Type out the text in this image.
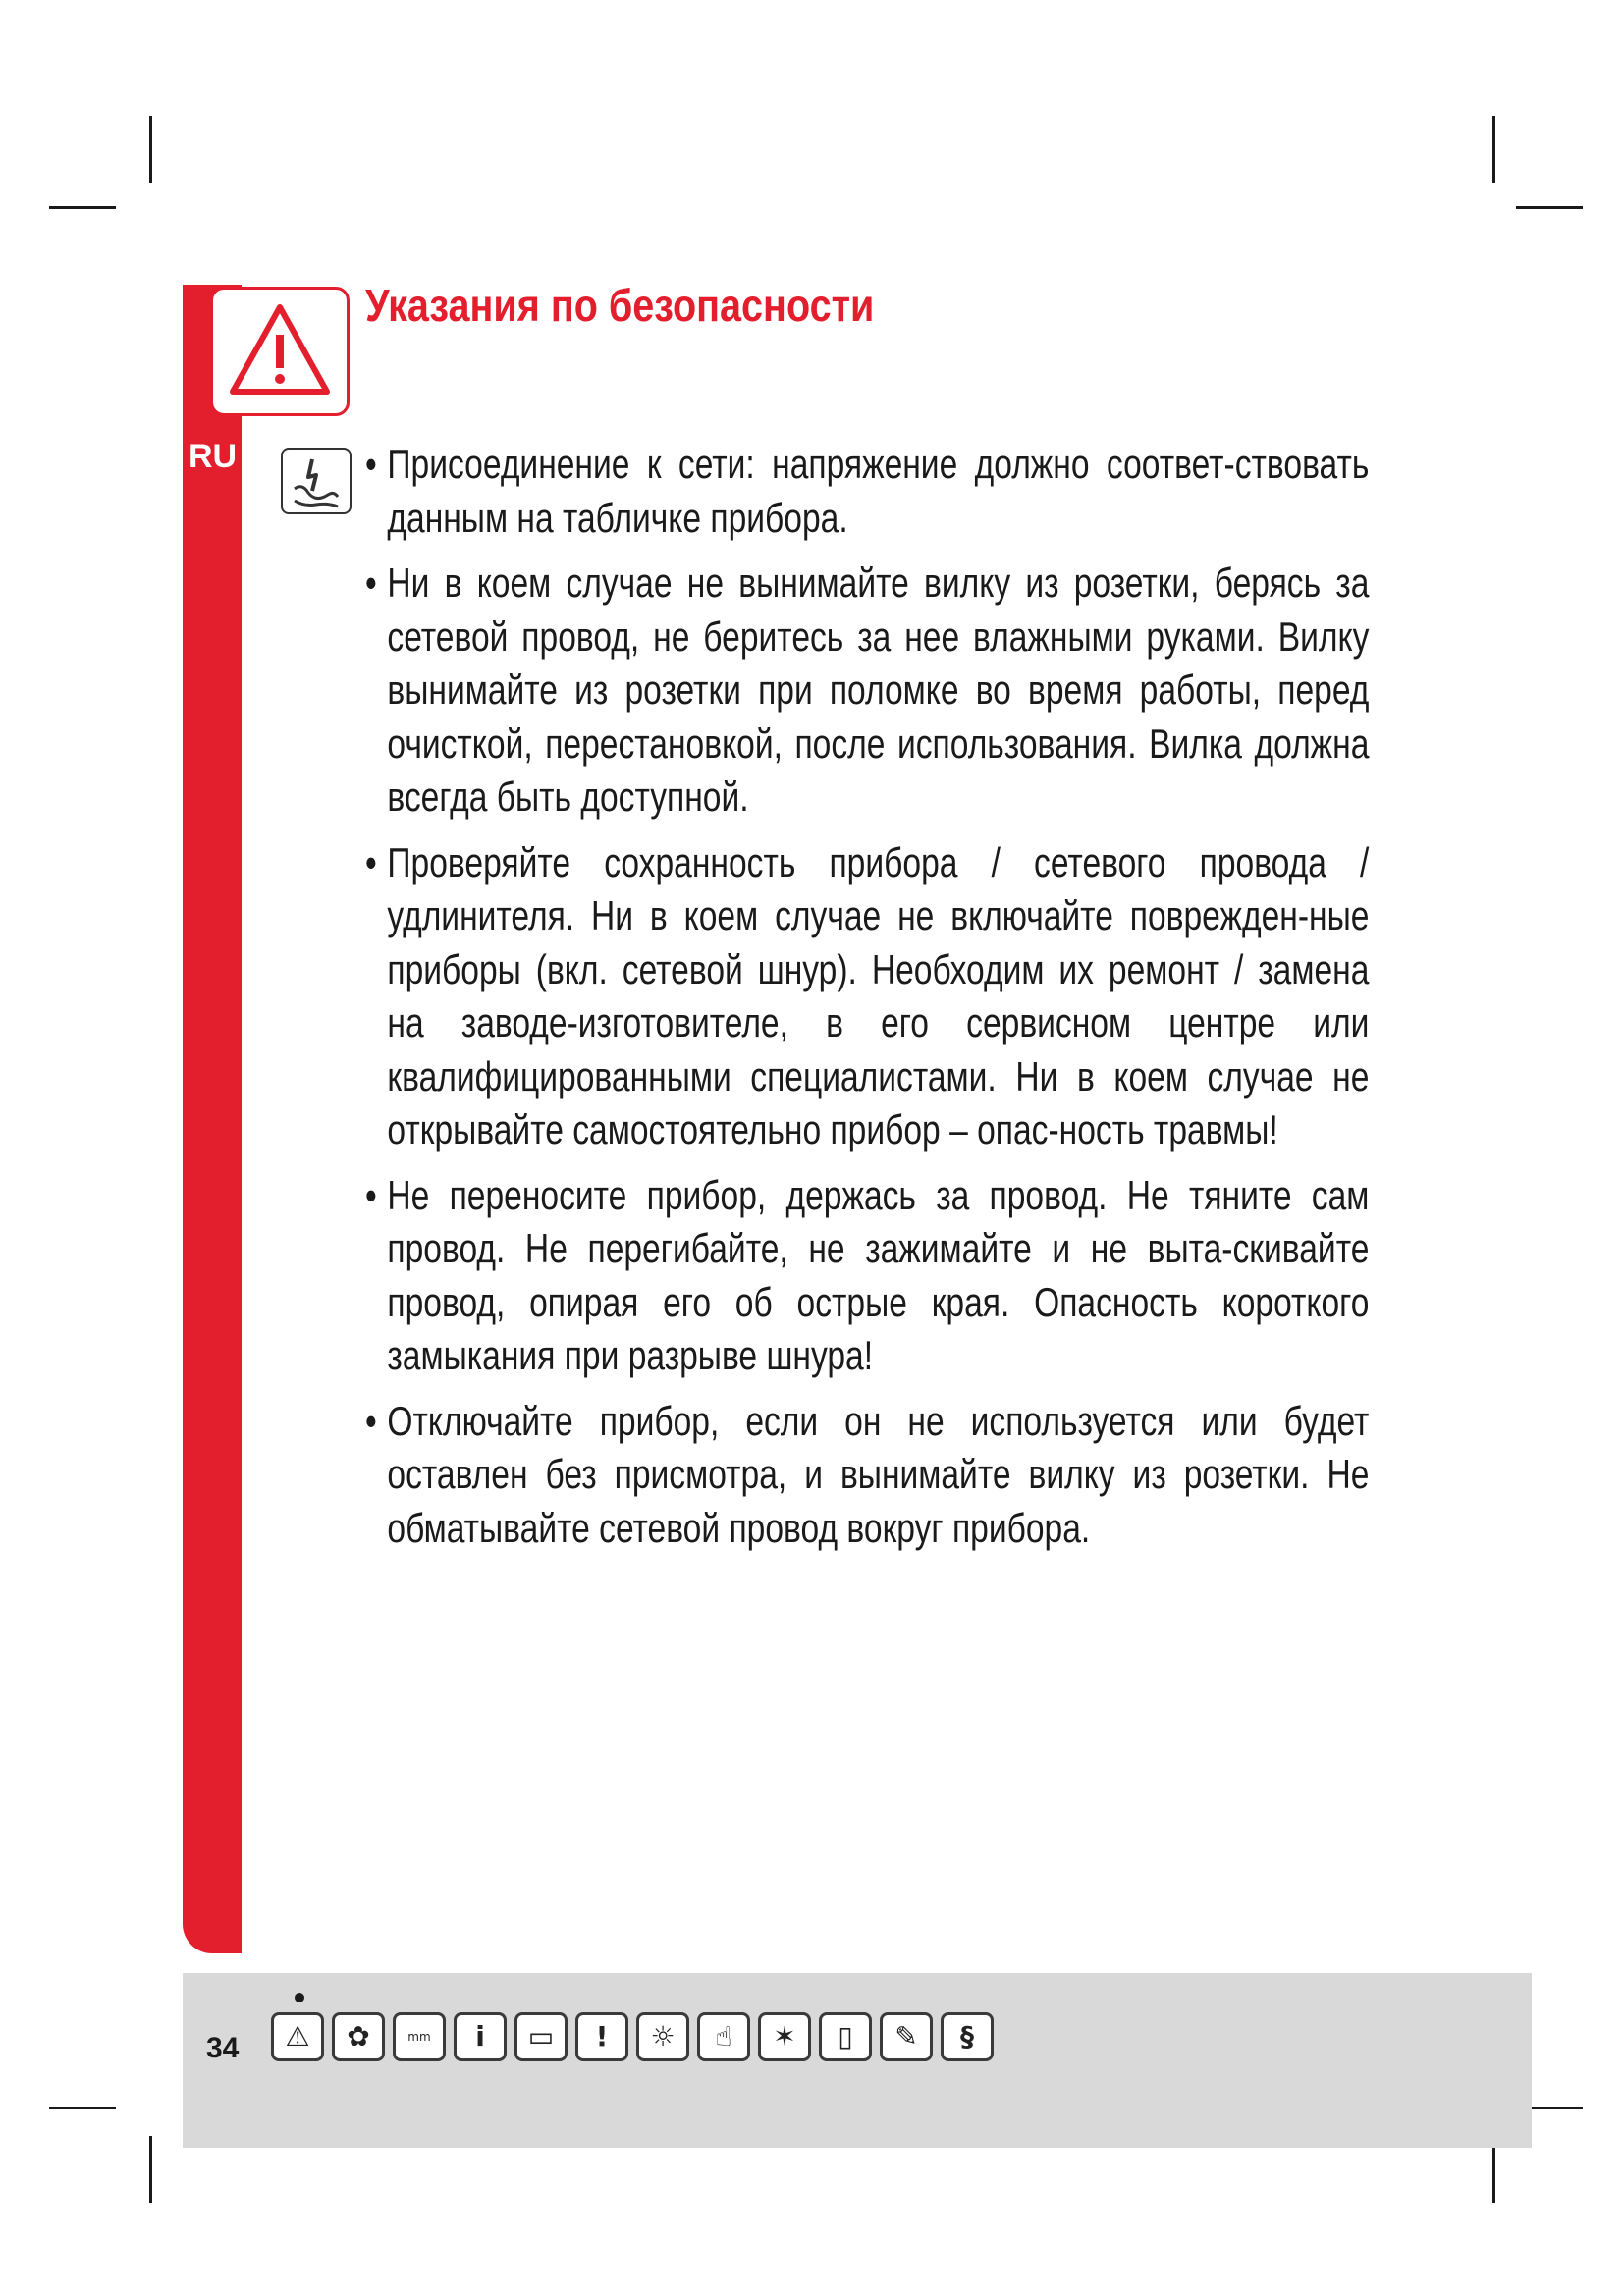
RU
Указания по безопасности

• Присоединение к сети: напряжение должно соответ-ствовать данным на табличке прибора.

• Ни в коем случае не вынимайте вилку из розетки, берясь за сетевой провод, не беритесь за нее влажными руками. Вилку вынимайте из розетки при поломке во время работы, перед очисткой, перестановкой, после использования. Вилка должна всегда быть доступной.

• Проверяйте сохранность прибора / сетевого провода / удлинителя. Ни в коем случае не включайте поврежден-ные приборы (вкл. сетевой шнур). Необходим их ремонт / замена на заводе-изготовителе, в его сервисном центре или квалифицированными специалистами. Ни в коем случае не открывайте самостоятельно прибор – опас-ность травмы!

• Не переносите прибор, держась за провод. Не тяните сам провод. Не перегибайте, не зажимайте и не выта-скивайте провод, опирая его об острые края. Опасность короткого замыкания при разрыве шнура!

• Отключайте прибор, если он не используется или будет оставлен без присмотра, и вынимайте вилку из розетки. Не обматывайте сетевой провод вокруг прибора.

34 ⚠ ✿	mm i ▭ ! ☼ ☝ ✶ ▯ ✎ §
